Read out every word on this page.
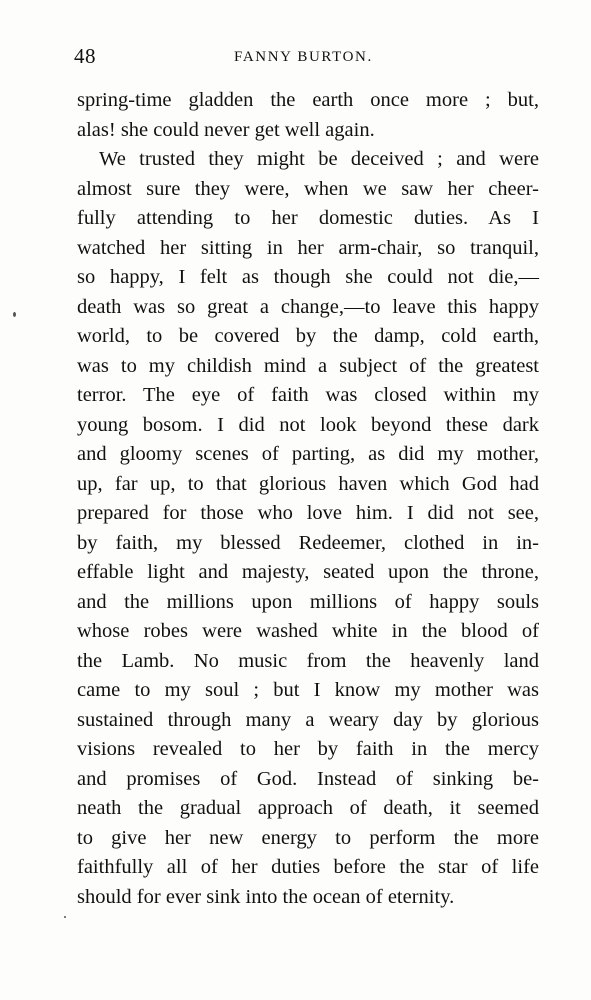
48	FANNY BURTON.
spring-time gladden the earth once more ; but,
alas! she could never get well again.
We trusted they might be deceived ; and were
almost sure they were, when we saw her cheer-
fully attending to her domestic duties. As I
watched her sitting in her arm-chair, so tranquil,
so happy, I felt as though she could not die,—
death was so great a change,—to leave this happy
world, to be covered by the damp, cold earth,
was to my childish mind a subject of the greatest
terror. The eye of faith was closed within my
young bosom. I did not look beyond these dark
and gloomy scenes of parting, as did my mother,
up, far up, to that glorious haven which God had
prepared for those who love him. I did not see,
by faith, my blessed Redeemer, clothed in in-
effable light and majesty, seated upon the throne,
and the millions upon millions of happy souls
whose robes were washed white in the blood of
the Lamb. No music from the heavenly land
came to my soul ; but I know my mother was
sustained through many a weary day by glorious
visions revealed to her by faith in the mercy
and promises of God. Instead of sinking be-
neath the gradual approach of death, it seemed
to give her new energy to perform the more
faithfully all of her duties before the star of life
should for ever sink into the ocean of eternity.
